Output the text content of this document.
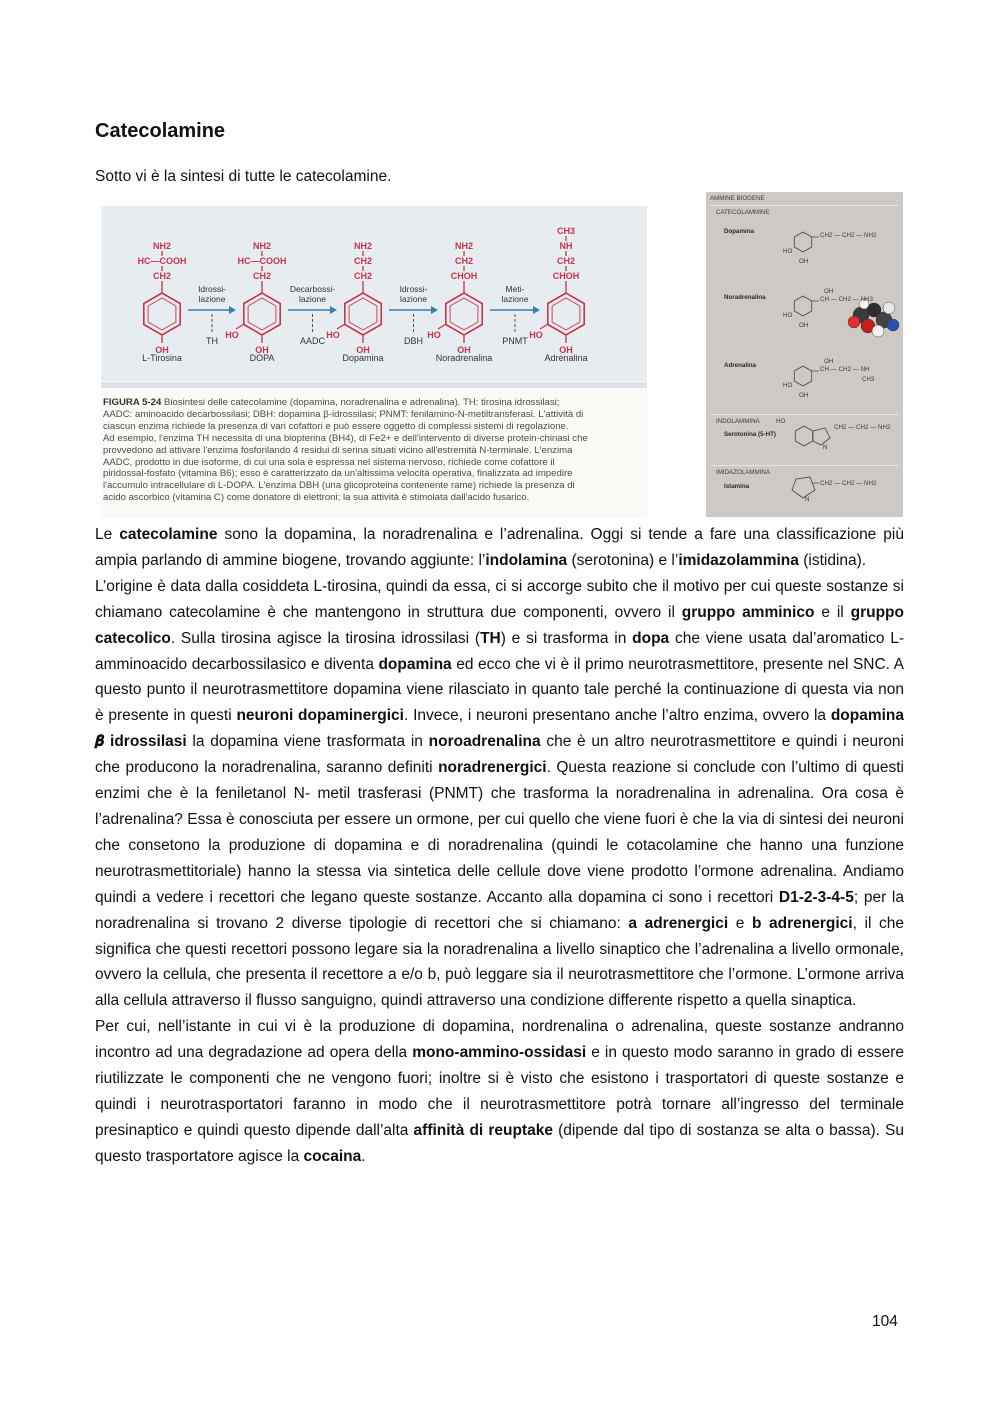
Catecolamine

Sotto vi è la sintesi di tutte le catecolamine.

NH2
HC—COOH
CH2
OH
L-Tirosina
NH2
HC—COOH
CH2
OH
HO
DOPA
NH2
CH2
CH2
OH
HO
Dopamina
NH2
CH2
CHOH
OH
HO
Noradrenalina
CH3
NH
CH2
CHOH
OH
HO
Adrenalina
Idrossi-
lazione
TH
Decarbossi-
lazione
AADC
Idrossi-
lazione
DBH
Meti-
lazione
PNMT
FIGURA 5-24 Biosintesi delle catecolamine (dopamina, noradrenalina e adrenalina). TH: tirosina idrossilasi;
AADC: aminoacido decarbossilasi; DBH: dopamina β-idrossilasi; PNMT: fenilamino-N-metiltransferasi. L'attività di
ciascun enzima richiede la presenza di vari cofattori e può essere oggetto di complessi sistemi di regolazione.
Ad esempio, l'enzima TH necessita di una biopterina (BH4), di Fe2+ e dell'intervento di diverse protein-chinasi che
provvedono ad attivare l'enzima fosforilando 4 residui di serina situati vicino all'estremità N-terminale. L'enzima
AADC, prodotto in due isoforme, di cui una sola è espressa nel sistema nervoso, richiede come cofattore il
piridossal-fosfato (vitamina B6); esso è caratterizzato da un'altissima velocità operativa, finalizzata ad impedire
l'accumulo intracellulare di L-DOPA. L'enzima DBH (una glicoproteina contenente rame) richiede la presenza di
acido ascorbico (vitamina C) come donatore di elettroni; la sua attività è stimolata dall'acido fusarico.
AMMINE BIOGENE
CATECOLAMMINE
Dopamina
CH2 — CH2 — NH2
HO
OH
Noradrenalina	CH — CH2 — NH3
HO
OH
Adrenalina
CH — CH2 — NH
HO
OH
OH
OH
CH3
INDOLAMMINA	HO
Serotonina (5-HT)
N
CH2 — CH2 — NH2
IMIDAZOLAMMINA
Istamina
N
CH2 — CH2 — NH2

Le catecolamine sono la dopamina, la noradrenalina e l’adrenalina. Oggi si tende a fare una classificazione più ampia parlando di ammine biogene, trovando aggiunte: l’indolamina (serotonina) e l’imidazolammina (istidina).

L’origine è data dalla cosiddeta L-tirosina, quindi da essa, ci si accorge subito che il motivo per cui queste sostanze si chiamano catecolamine è che mantengono in struttura due componenti, ovvero il gruppo amminico e il gruppo catecolico. Sulla tirosina agisce la tirosina idrossilasi (TH) e si trasforma in dopa che viene usata dal’aromatico L- amminoacido decarbossilasico e diventa dopamina ed ecco che vi è il primo neurotrasmettitore, presente nel SNC. A questo punto il neurotrasmettitore dopamina viene rilasciato in quanto tale perché la continuazione di questa via non è presente in questi neuroni dopaminergici. Invece, i neuroni presentano anche l’altro enzima, ovvero la dopamina 𝜷 idrossilasi la dopamina viene trasformata in noroadrenalina che è un altro neurotrasmettitore e quindi i neuroni che producono la noradrenalina, saranno definiti noradrenergici. Questa reazione si conclude con l’ultimo di questi enzimi che è la feniletanol N- metil trasferasi (PNMT) che trasforma la noradrenalina in adrenalina. Ora cosa è l’adrenalina? Essa è conosciuta per essere un ormone, per cui quello che viene fuori è che la via di sintesi dei neuroni che consetono la produzione di dopamina e di noradrenalina (quindi le cotacolamine che hanno una funzione neurotrasmettitoriale) hanno la stessa via sintetica delle cellule dove viene prodotto l’ormone adrenalina. Andiamo quindi a vedere i recettori che legano queste sostanze. Accanto alla dopamina ci sono i recettori D1-2-3-4-5; per la noradrenalina si trovano 2 diverse tipologie di recettori che si chiamano: a adrenergici e b adrenergici, il che significa che questi recettori possono legare sia la noradrenalina a livello sinaptico che l’adrenalina a livello ormonale, ovvero la cellula, che presenta il recettore a e/o b, può leggare sia il neurotrasmettitore che l’ormone. L’ormone arriva alla cellula attraverso il flusso sanguigno, quindi attraverso una condizione differente rispetto a quella sinaptica.

Per cui, nell’istante in cui vi è la produzione di dopamina, nordrenalina o adrenalina, queste sostanze andranno incontro ad una degradazione ad opera della mono-ammino-ossidasi e in questo modo saranno in grado di essere riutilizzate le componenti che ne vengono fuori; inoltre si è visto che esistono i trasportatori di queste sostanze e quindi i neurotrasportatori faranno in modo che il neurotrasmettitore potrà tornare all’ingresso del terminale presinaptico e quindi questo dipende dall’alta affinità di reuptake (dipende dal tipo di sostanza se alta o bassa). Su questo trasportatore agisce la cocaina.

104
